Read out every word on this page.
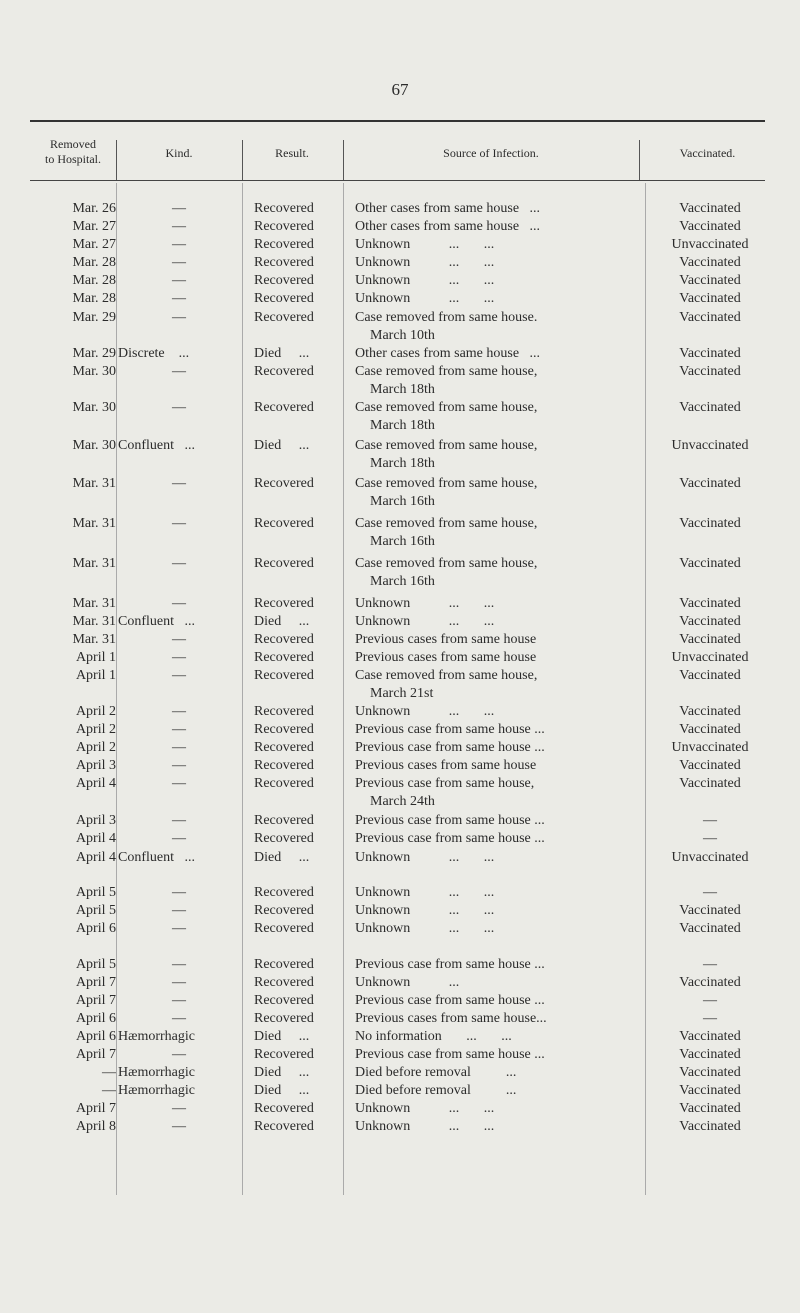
67
Removed
to Hospital.	Kind.	Result.	Source of Infection.	Vaccinated.
Mar. 26	—	Recovered	Other cases from same house   ...	Vaccinated
Mar. 27	—	Recovered	Other cases from same house   ...	Vaccinated
Mar. 27	—	Recovered	Unknown           ...       ...	Unvaccinated
Mar. 28	—	Recovered	Unknown           ...       ...	Vaccinated
Mar. 28	—	Recovered	Unknown           ...       ...	Vaccinated
Mar. 28	—	Recovered	Unknown           ...       ...	Vaccinated
Mar. 29	—	Recovered	Case removed from same house.	Vaccinated
March 10th
Mar. 29 Discrete    ...	Died     ...	Other cases from same house   ...	Vaccinated
Mar. 30	—	Recovered	Case removed from same house,	Vaccinated
March 18th
Mar. 30	—	Recovered	Case removed from same house,	Vaccinated
March 18th
Mar. 30 Confluent   ...	Died     ...	Case removed from same house,	Unvaccinated
March 18th
Mar. 31	—	Recovered	Case removed from same house,	Vaccinated
March 16th
Mar. 31	—	Recovered	Case removed from same house,	Vaccinated
March 16th
Mar. 31	—	Recovered	Case removed from same house,	Vaccinated
March 16th
Mar. 31	—	Recovered	Unknown           ...       ...	Vaccinated
Mar. 31 Confluent   ...	Died     ...	Unknown           ...       ...	Vaccinated
Mar. 31	—	Recovered	Previous cases from same house	Vaccinated
April 1	—	Recovered	Previous cases from same house	Unvaccinated
April 1	—	Recovered	Case removed from same house,	Vaccinated
March 21st
April 2	—	Recovered	Unknown           ...       ...	Vaccinated
April 2	—	Recovered	Previous case from same house ...	Vaccinated
April 2	—	Recovered	Previous case from same house ...	Unvaccinated
April 3	—	Recovered	Previous cases from same house	Vaccinated
April 4	—	Recovered	Previous case from same house,	Vaccinated
March 24th
April 3	—	Recovered	Previous case from same house ...	—
April 4	—	Recovered	Previous case from same house ...	—
April 4 Confluent   ...	Died     ...	Unknown           ...       ...	Unvaccinated
April 5	—	Recovered	Unknown           ...       ...	—
April 5	—	Recovered	Unknown           ...       ...	Vaccinated
April 6	—	Recovered	Unknown           ...       ...	Vaccinated
April 5	—	Recovered	Previous case from same house ...	—
April 7	—	Recovered	Unknown           ...	Vaccinated
April 7	—	Recovered	Previous case from same house ...	—
April 6	—	Recovered	Previous cases from same house...	—
April 6 Hæmorrhagic	Died     ...	No information       ...       ...	Vaccinated
April 7	—	Recovered	Previous case from same house ...	Vaccinated
— Hæmorrhagic	Died     ...	Died before removal          ...	Vaccinated
— Hæmorrhagic	Died     ...	Died before removal          ...	Vaccinated
April 7	—	Recovered	Unknown           ...       ...	Vaccinated
April 8	—	Recovered	Unknown           ...       ...	Vaccinated
